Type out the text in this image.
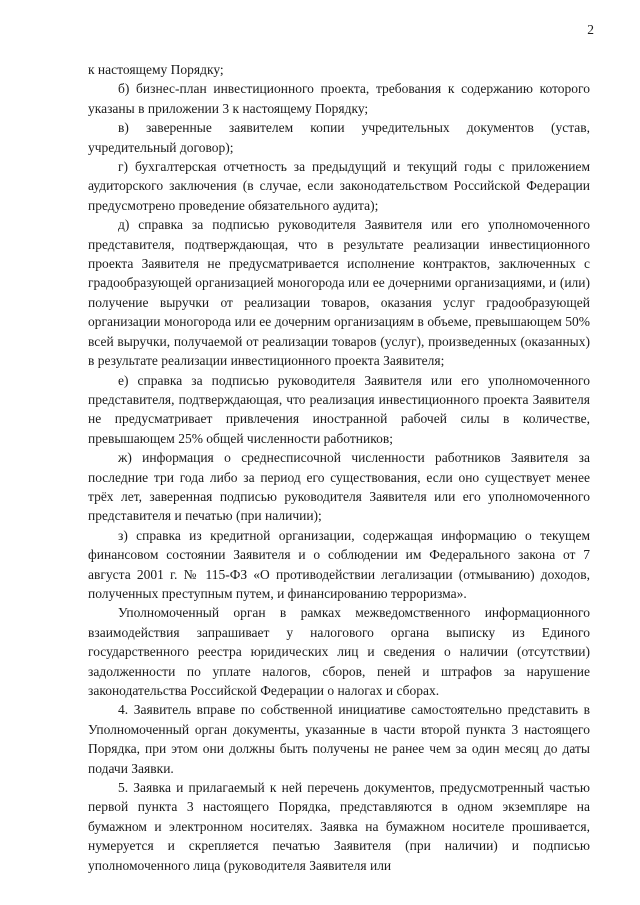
2

к настоящему Порядку;

б) бизнес-план инвестиционного проекта, требования к содержанию которого указаны в приложении 3 к настоящему Порядку;

в) заверенные заявителем копии учредительных документов (устав, учредительный договор);

г) бухгалтерская отчетность за предыдущий и текущий годы с приложением аудиторского заключения (в случае, если законодательством Российской Федерации предусмотрено проведение обязательного аудита);

д) справка за подписью руководителя Заявителя или его уполномоченного представителя, подтверждающая, что в результате реализации инвестиционного проекта Заявителя не предусматривается исполнение контрактов, заключенных с градообразующей организацией моногорода или ее дочерними организациями, и (или) получение выручки от реализации товаров, оказания услуг градообразующей организации моногорода или ее дочерним организациям в объеме, превышающем 50% всей выручки, получаемой от реализации товаров (услуг), произведенных (оказанных) в результате реализации инвестиционного проекта Заявителя;

е) справка за подписью руководителя Заявителя или его уполномоченного представителя, подтверждающая, что реализация инвестиционного проекта Заявителя не предусматривает привлечения иностранной рабочей силы в количестве, превышающем 25% общей численности работников;

ж) информация о среднесписочной численности работников Заявителя за последние три года либо за период его существования, если оно существует менее трёх лет, заверенная подписью руководителя Заявителя или его уполномоченного представителя и печатью (при наличии);

з) справка из кредитной организации, содержащая информацию о текущем финансовом состоянии Заявителя и о соблюдении им Федерального закона от 7 августа 2001 г. № 115-ФЗ «О противодействии легализации (отмыванию) доходов, полученных преступным путем, и финансированию терроризма».

Уполномоченный орган в рамках межведомственного информационного взаимодействия запрашивает у налогового органа выписку из Единого государственного реестра юридических лиц и сведения о наличии (отсутствии) задолженности по уплате налогов, сборов, пеней и штрафов за нарушение законодательства Российской Федерации о налогах и сборах.

4. Заявитель вправе по собственной инициативе самостоятельно представить в Уполномоченный орган документы, указанные в части второй пункта 3 настоящего Порядка, при этом они должны быть получены не ранее чем за один месяц до даты подачи Заявки.

5. Заявка и прилагаемый к ней перечень документов, предусмотренный частью первой пункта 3 настоящего Порядка, представляются в одном экземпляре на бумажном и электронном носителях. Заявка на бумажном носителе прошивается, нумеруется и скрепляется печатью Заявителя (при наличии) и подписью уполномоченного лица (руководителя Заявителя или
